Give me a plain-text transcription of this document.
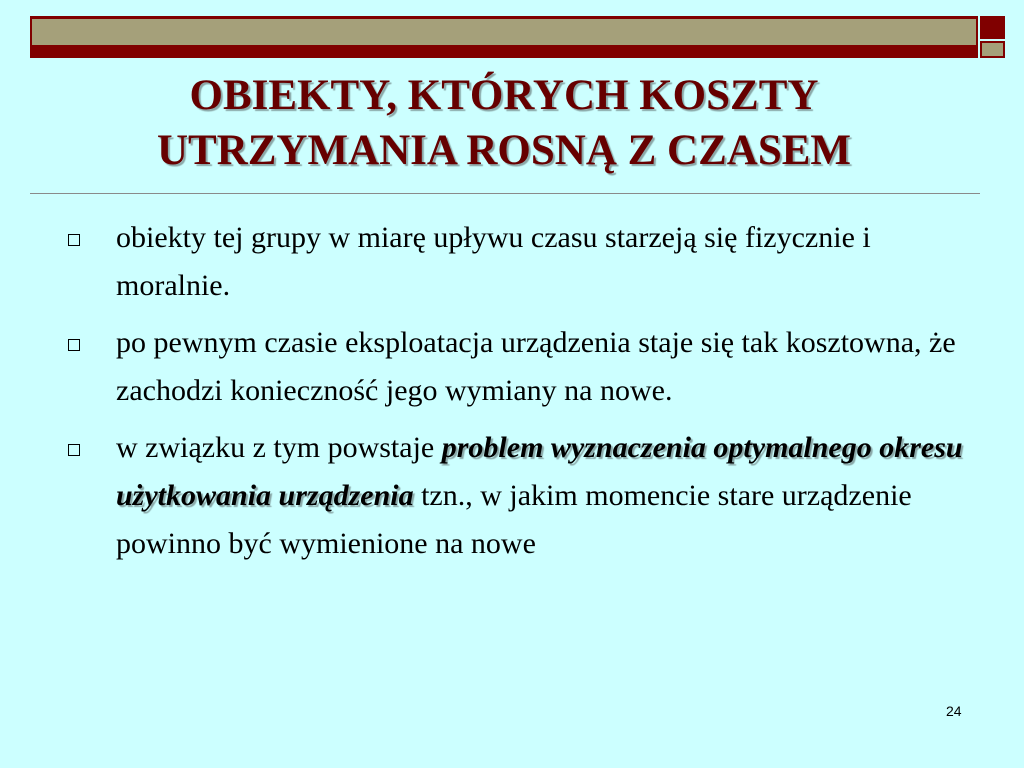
OBIEKTY, KTÓRYCH KOSZTY
UTRZYMANIA ROSNĄ Z CZASEM
obiekty tej grupy w miarę upływu czasu starzeją się fizycznie i moralnie.
po pewnym czasie eksploatacja urządzenia staje się tak kosztowna, że zachodzi konieczność jego wymiany na nowe.
w związku z tym powstaje problem wyznaczenia optymalnego okresu użytkowania urządzenia tzn., w jakim momencie stare urządzenie powinno być wymienione na nowe
24
